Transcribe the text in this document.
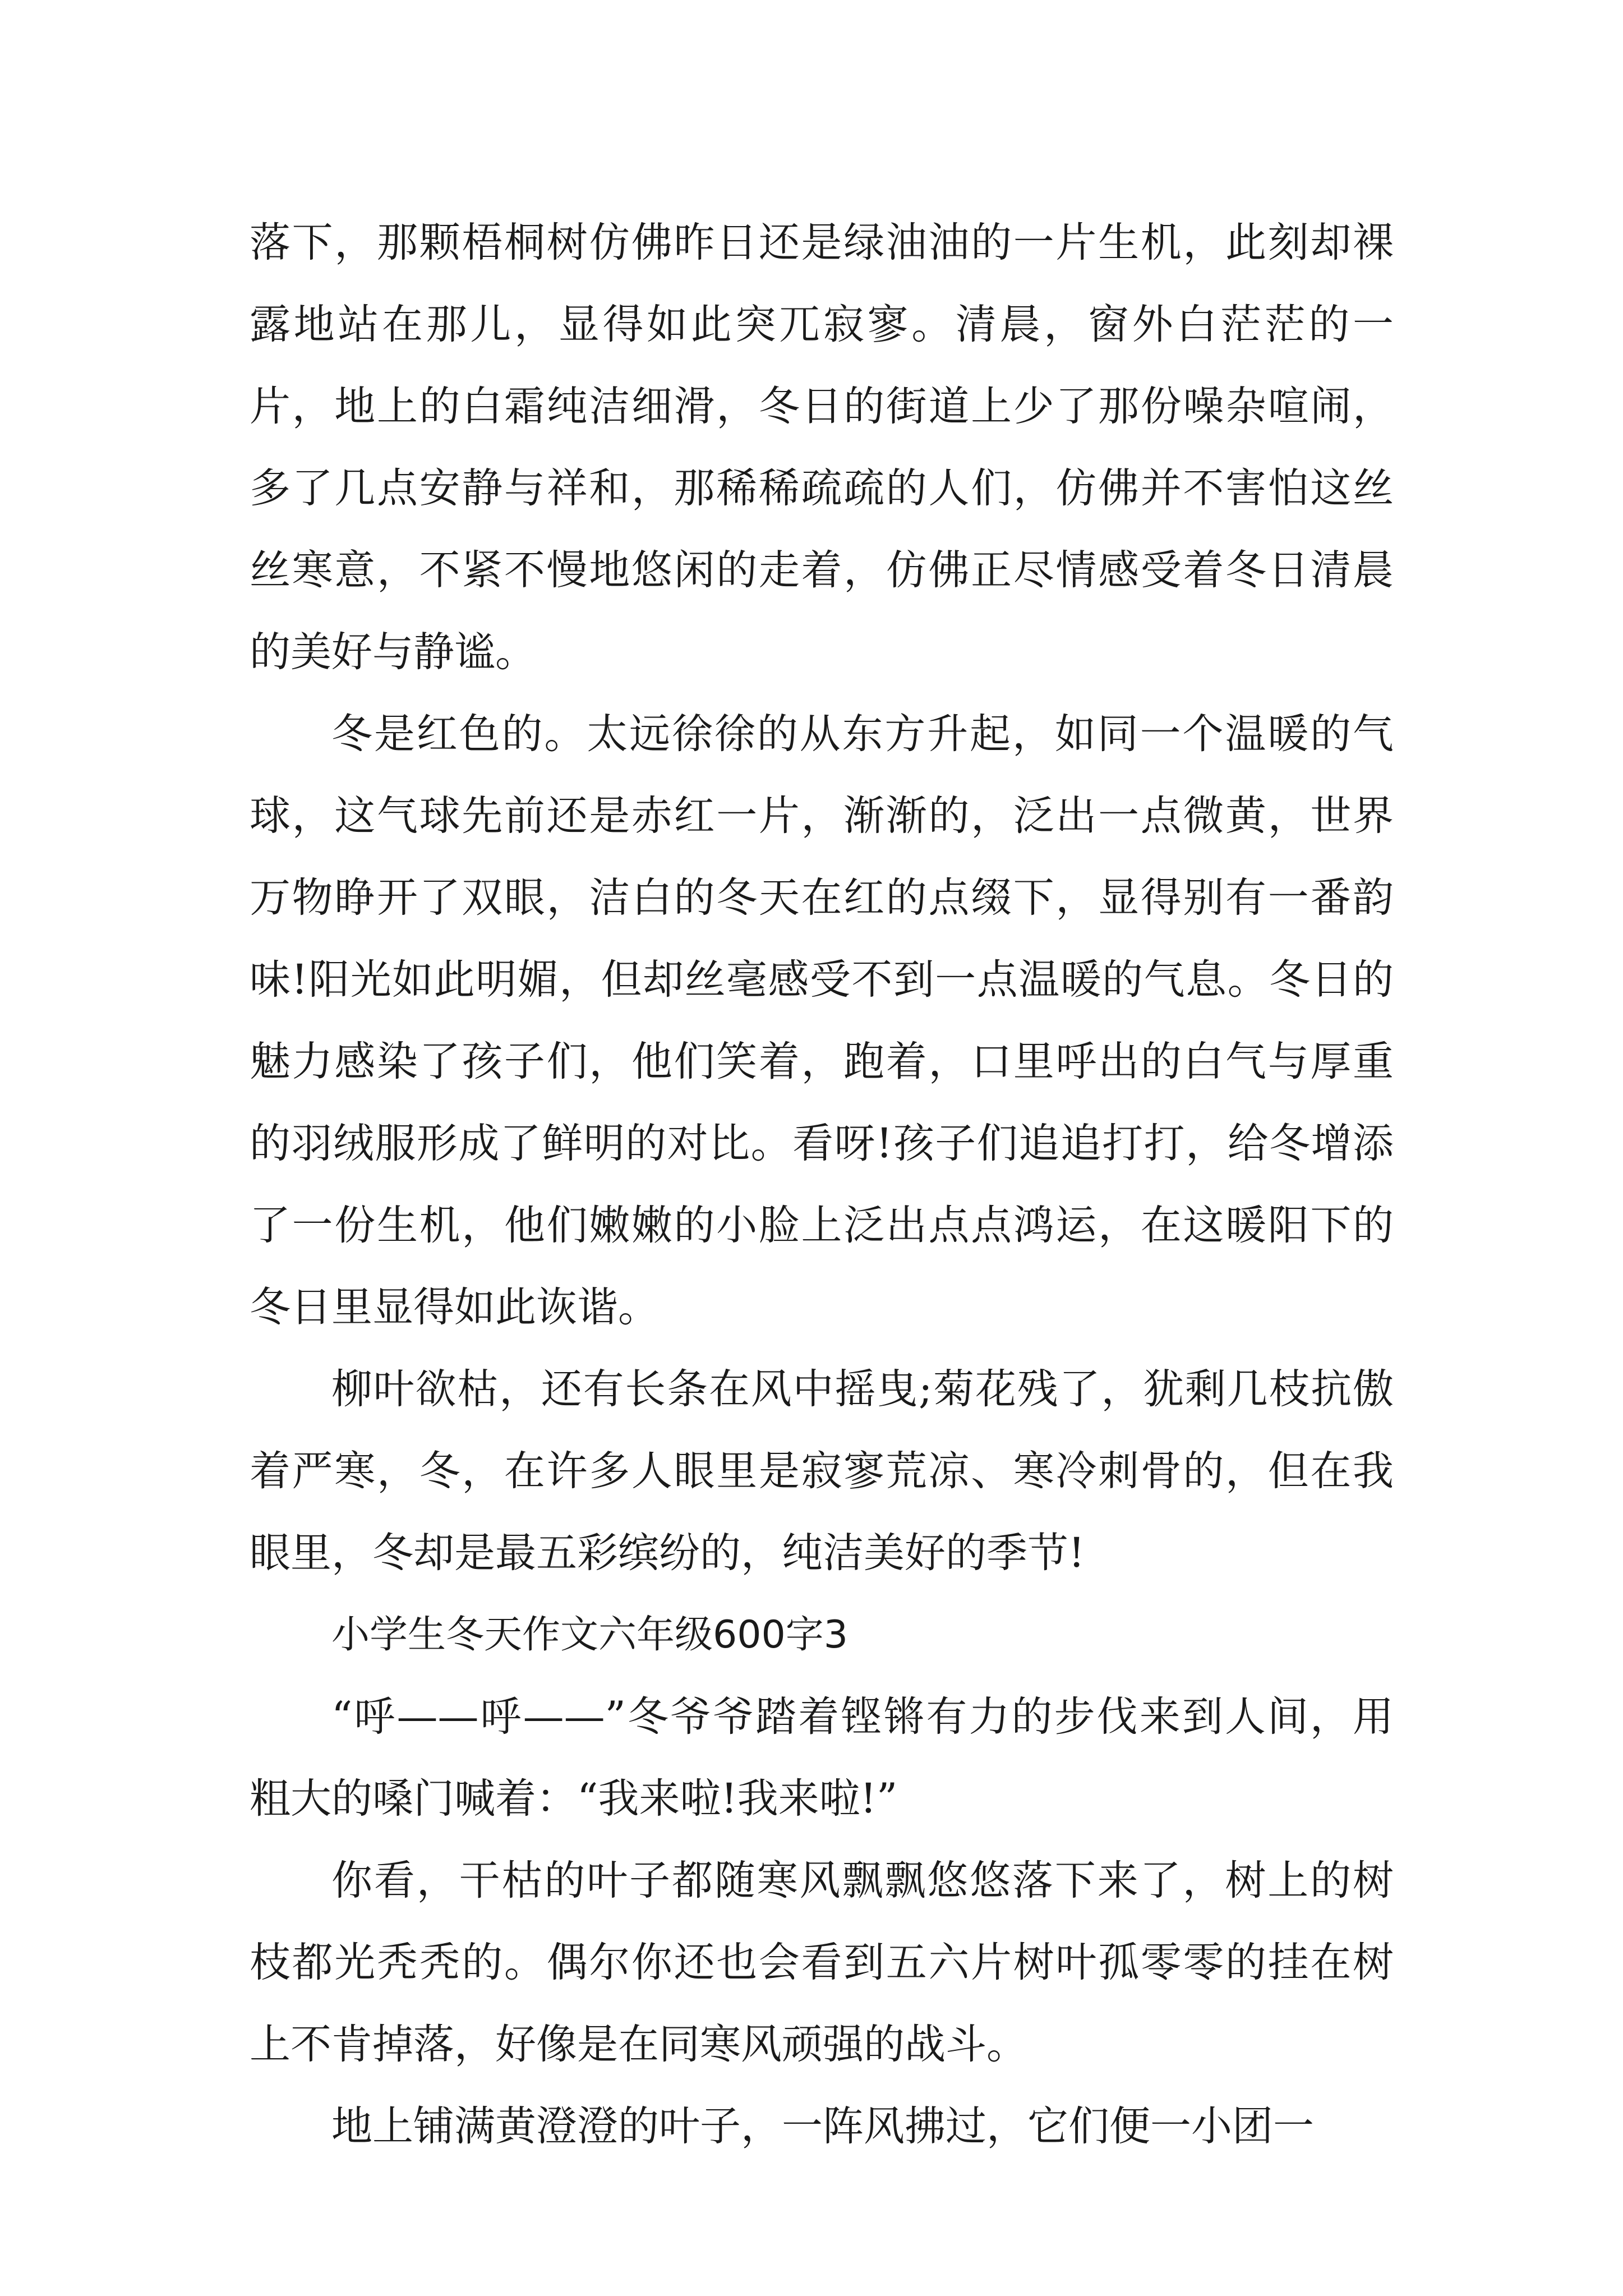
落下，那颗梧桐树仿佛昨日还是绿油油的一片生机，此刻却裸露地站在那儿，显得如此突兀寂寥。清晨，窗外白茫茫的一片，地上的白霜纯洁细滑，冬日的街道上少了那份噪杂喧闹，多了几点安静与祥和，那稀稀疏疏的人们，仿佛并不害怕这丝丝寒意，不紧不慢地悠闲的走着，仿佛正尽情感受着冬日清晨的美好与静谧。

冬是红色的。太远徐徐的从东方升起，如同一个温暖的气球，这气球先前还是赤红一片，渐渐的，泛出一点微黄，世界万物睁开了双眼，洁白的冬天在红的点缀下，显得别有一番韵味!阳光如此明媚，但却丝毫感受不到一点温暖的气息。冬日的魅力感染了孩子们，他们笑着，跑着，口里呼出的白气与厚重的羽绒服形成了鲜明的对比。看呀!孩子们追追打打，给冬增添了一份生机，他们嫩嫩的小脸上泛出点点鸿运，在这暖阳下的冬日里显得如此诙谐。

柳叶欲枯，还有长条在风中摇曳;菊花残了，犹剩几枝抗傲着严寒，冬，在许多人眼里是寂寥荒凉、寒冷刺骨的，但在我眼里，冬却是最五彩缤纷的，纯洁美好的季节!

小学生冬天作文六年级600字3

“呼——呼——”冬爷爷踏着铿锵有力的步伐来到人间，用粗大的嗓门喊着：“我来啦!我来啦!”

你看，干枯的叶子都随寒风飘飘悠悠落下来了，树上的树枝都光秃秃的。偶尔你还也会看到五六片树叶孤零零的挂在树上不肯掉落，好像是在同寒风顽强的战斗。

地上铺满黄澄澄的叶子，一阵风拂过，它们便一小团一
